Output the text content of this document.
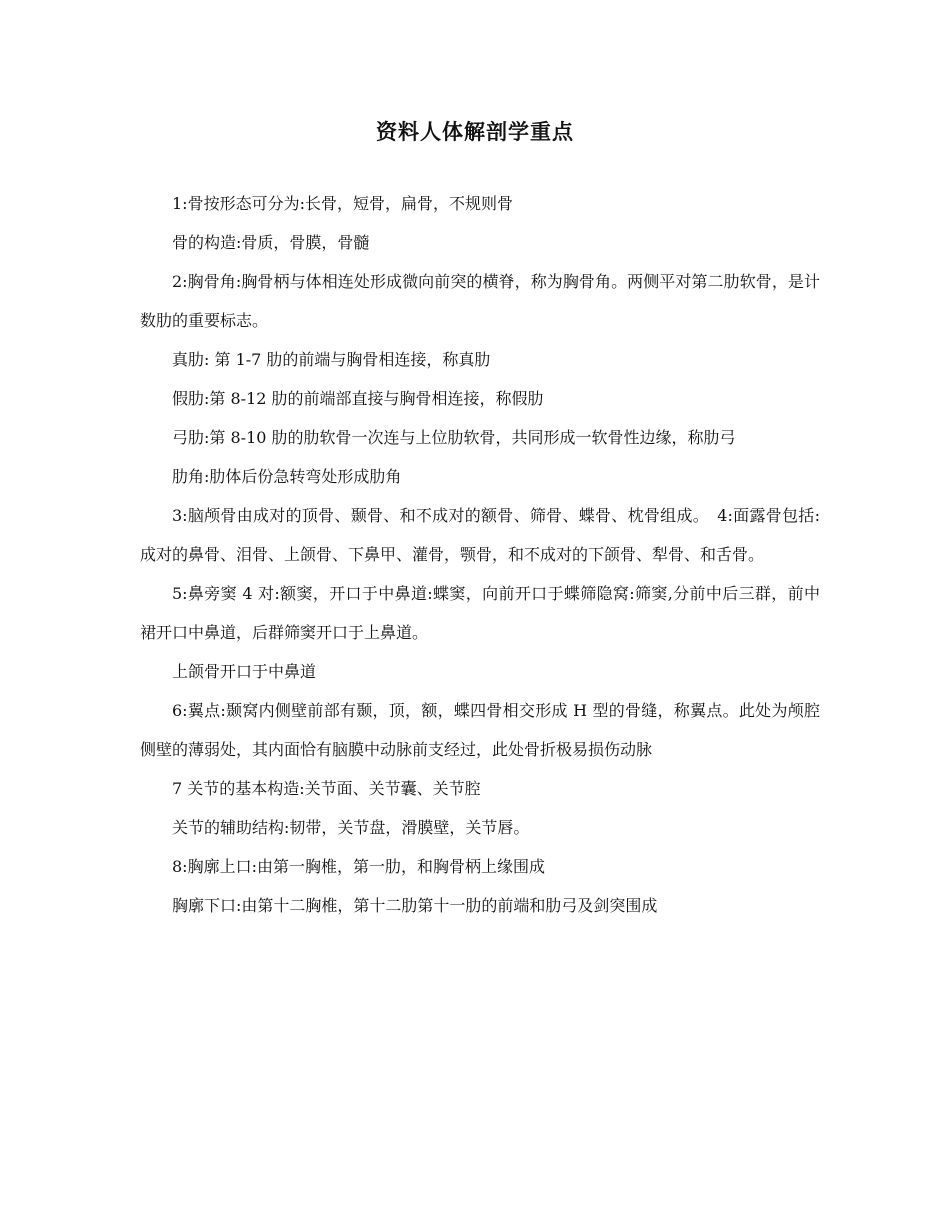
资料人体解剖学重点

1:骨按形态可分为:长骨，短骨，扁骨，不规则骨

骨的构造:骨质，骨膜，骨髓

2:胸骨角:胸骨柄与体相连处形成微向前突的横脊，称为胸骨角。两侧平对第二肋软骨，是计数肋的重要标志。

真肋: 第 1-7 肋的前端与胸骨相连接，称真肋

假肋:第 8-12 肋的前端部直接与胸骨相连接，称假肋

弓肋:第 8-10 肋的肋软骨一次连与上位肋软骨，共同形成一软骨性边缘，称肋弓

肋角:肋体后份急转弯处形成肋角

3:脑颅骨由成对的顶骨、颞骨、和不成对的额骨、筛骨、蝶骨、枕骨组成。　4:面露骨包括:成对的鼻骨、泪骨、上颌骨、下鼻甲、灌骨，颚骨，和不成对的下颌骨、犁骨、和舌骨。

5:鼻旁窦 4 对:额窦，开口于中鼻道:蝶窦，向前开口于蝶筛隐窝:筛窦,分前中后三群，前中裙开口中鼻道，后群筛窦开口于上鼻道。

上颌骨开口于中鼻道

6:翼点:颞窝内侧壁前部有颞，顶，额，蝶四骨相交形成 H 型的骨缝，称翼点。此处为颅腔侧壁的薄弱处，其内面恰有脑膜中动脉前支经过，此处骨折极易损伤动脉

7 关节的基本构造:关节面、关节囊、关节腔

关节的辅助结构:韧带，关节盘，滑膜壁，关节唇。

8:胸廓上口:由第一胸椎，第一肋，和胸骨柄上缘围成

胸廓下口:由第十二胸椎，第十二肋第十一肋的前端和肋弓及剑突围成
